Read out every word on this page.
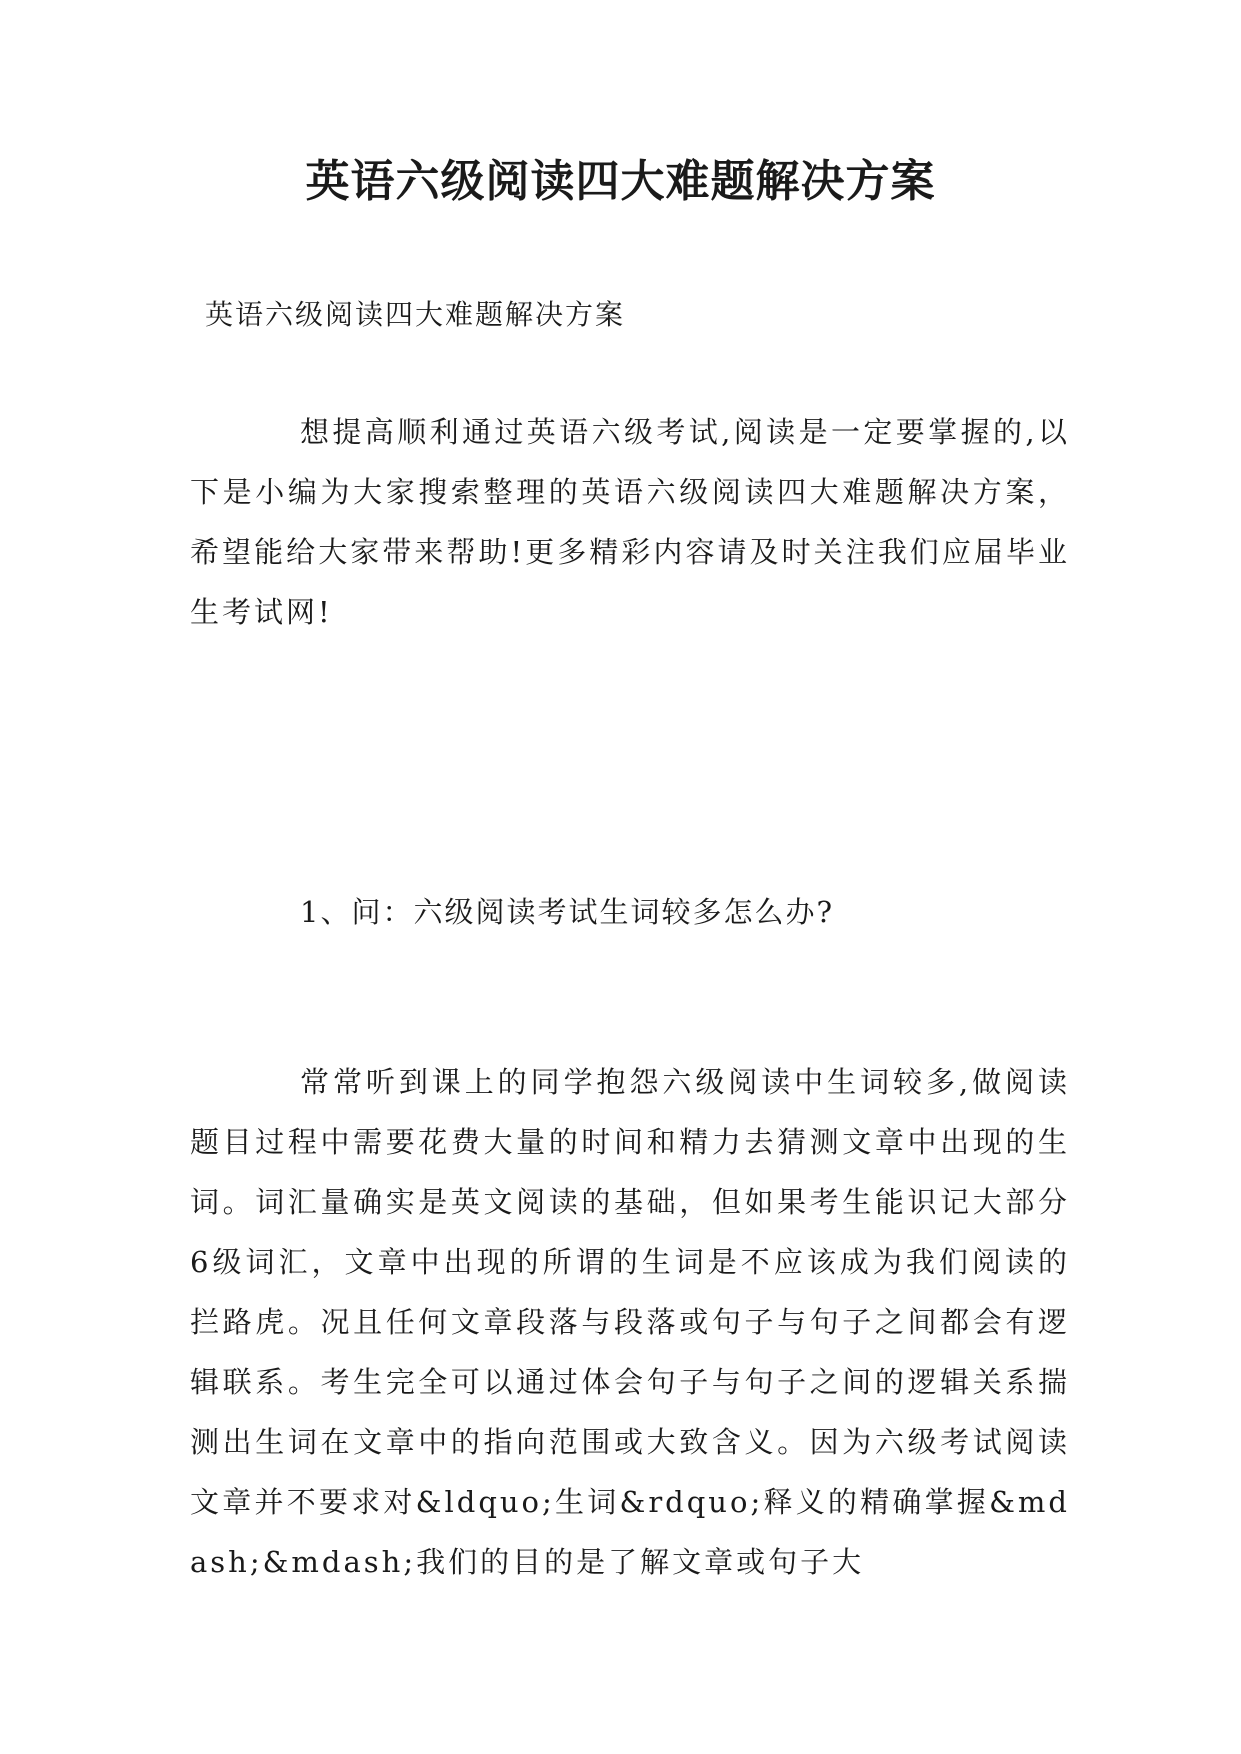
英语六级阅读四大难题解决方案

英语六级阅读四大难题解决方案

想提高顺利通过英语六级考试,阅读是一定要掌握的,以下是小编为大家搜索整理的英语六级阅读四大难题解决方案，希望能给大家带来帮助!更多精彩内容请及时关注我们应届毕业生考试网!

1、问：六级阅读考试生词较多怎么办?

常常听到课上的同学抱怨六级阅读中生词较多,做阅读题目过程中需要花费大量的时间和精力去猜测文章中出现的生词。词汇量确实是英文阅读的基础，但如果考生能识记大部分6级词汇，文章中出现的所谓的生词是不应该成为我们阅读的拦路虎。况且任何文章段落与段落或句子与句子之间都会有逻辑联系。考生完全可以通过体会句子与句子之间的逻辑关系揣测出生词在文章中的指向范围或大致含义。因为六级考试阅读文章并不要求对&ldquo;生词&rdquo;释义的精确掌握&mdash;&mdash;我们的目的是了解文章或句子大
